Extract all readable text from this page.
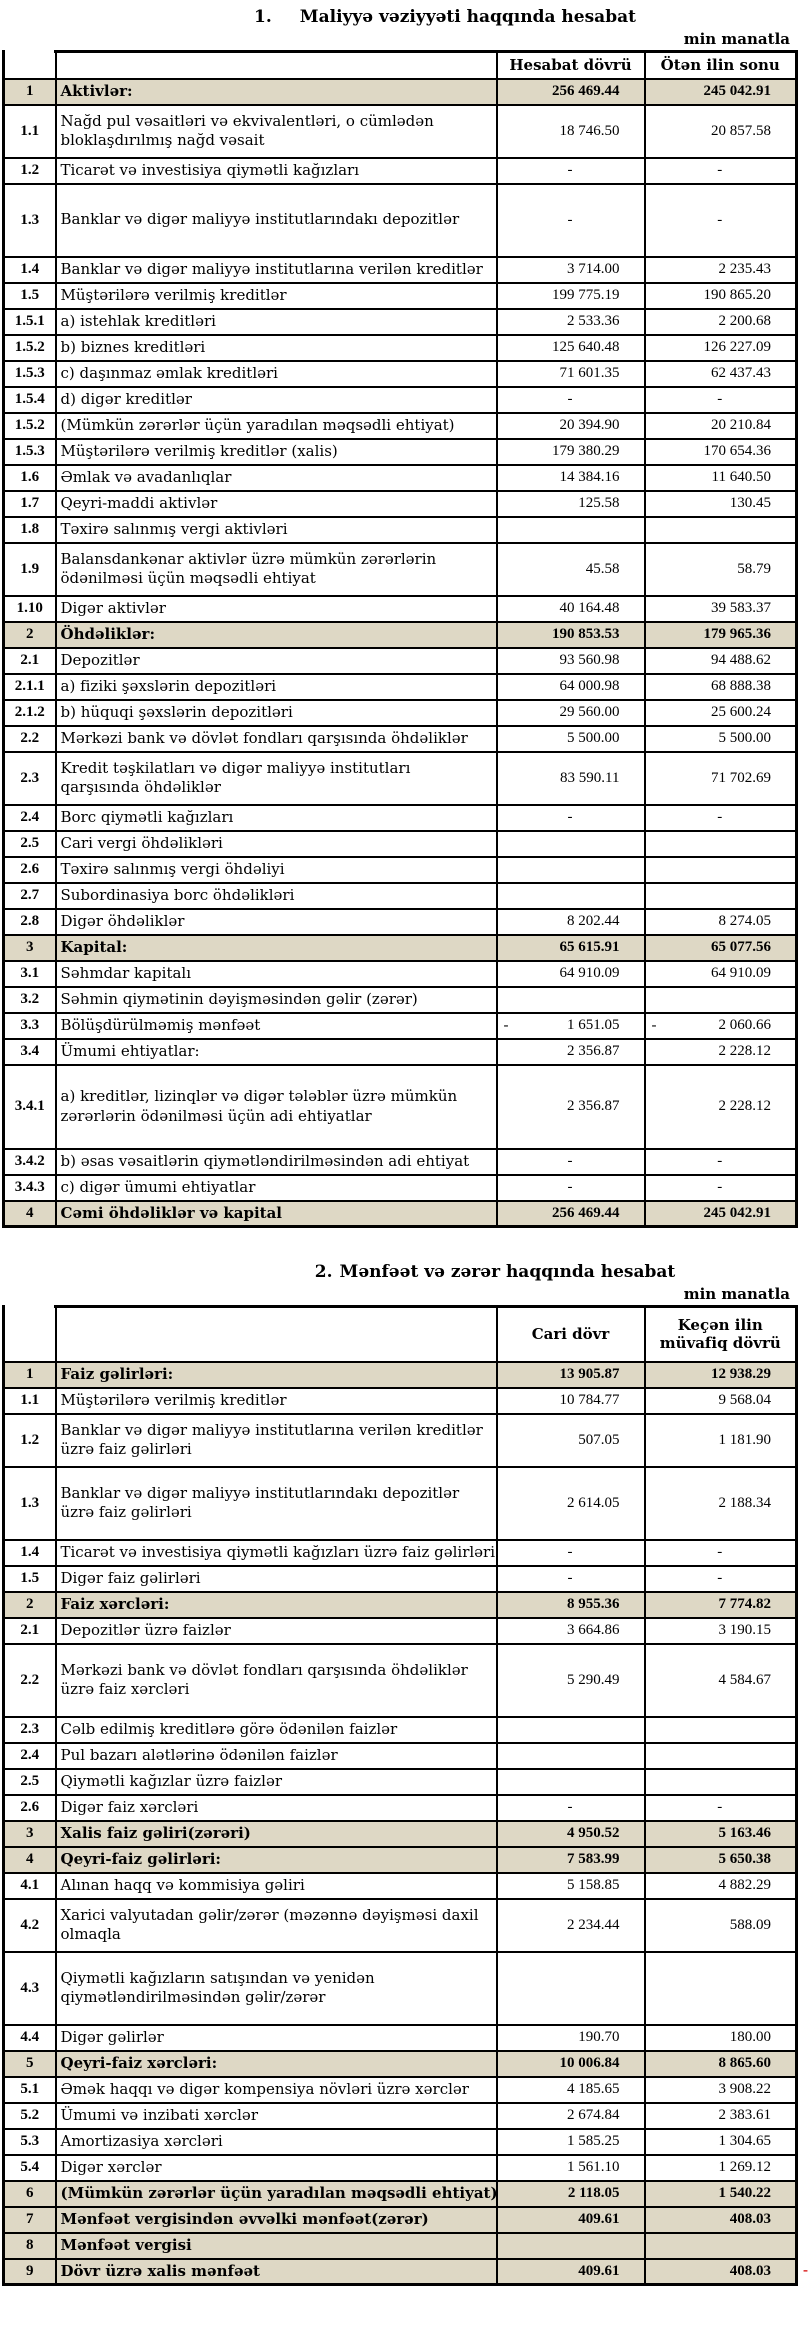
1. Maliyyə vəziyyəti haqqında hesabat
min manatla
		Hesabat dövrü	Ötən ilin sonu
1	Aktivlər:	256 469.44	245 042.91
1.1	Nağd pul vəsaitləri və ekvivalentləri, o cümlədən bloklaşdırılmış nağd vəsait	18 746.50	20 857.58
1.2	Ticarət və investisiya qiymətli kağızları	-	-
1.3	Banklar və digər maliyyə institutlarındakı depozitlər	-	-
1.4	Banklar və digər maliyyə institutlarına verilən kreditlər	3 714.00	2 235.43
1.5	Müştərilərə verilmiş kreditlər	199 775.19	190 865.20
1.5.1	a) istehlak kreditləri	2 533.36	2 200.68
1.5.2	b) biznes kreditləri	125 640.48	126 227.09
1.5.3	c) daşınmaz əmlak kreditləri	71 601.35	62 437.43
1.5.4	d) digər kreditlər	-	-
1.5.2	(Mümkün zərərlər üçün yaradılan məqsədli ehtiyat)	20 394.90	20 210.84
1.5.3	Müştərilərə verilmiş kreditlər (xalis)	179 380.29	170 654.36
1.6	Əmlak və avadanlıqlar	14 384.16	11 640.50
1.7	Qeyri-maddi aktivlər	125.58	130.45
1.8	Təxirə salınmış vergi aktivləri		
1.9	Balansdankənar aktivlər üzrə mümkün zərərlərin ödənilməsi üçün məqsədli ehtiyat	45.58	58.79
1.10	Digər aktivlər	40 164.48	39 583.37
2	Öhdəliklər:	190 853.53	179 965.36
2.1	Depozitlər	93 560.98	94 488.62
2.1.1	a) fiziki şəxslərin depozitləri	64 000.98	68 888.38
2.1.2	b) hüquqi şəxslərin depozitləri	29 560.00	25 600.24
2.2	Mərkəzi bank və dövlət fondları qarşısında öhdəliklər	5 500.00	5 500.00
2.3	Kredit təşkilatları və digər maliyyə institutları qarşısında öhdəliklər	83 590.11	71 702.69
2.4	Borc qiymətli kağızları	-	-
2.5	Cari vergi öhdəlikləri		
2.6	Təxirə salınmış vergi öhdəliyi		
2.7	Subordinasiya borc öhdəlikləri		
2.8	Digər öhdəliklər	8 202.44	8 274.05
3	Kapital:	65 615.91	65 077.56
3.1	Səhmdar kapitalı	64 910.09	64 910.09
3.2	Səhmin qiymətinin dəyişməsindən gəlir (zərər)		
3.3	Bölüşdürülməmiş mənfəət	- 1 651.05	- 2 060.66
3.4	Ümumi ehtiyatlar:	2 356.87	2 228.12
3.4.1	a) kreditlər, lizinqlər və digər tələblər üzrə mümkün zərərlərin ödənilməsi üçün adi ehtiyatlar	2 356.87	2 228.12
3.4.2	b) əsas vəsaitlərin qiymətləndirilməsindən adi ehtiyat	-	-
3.4.3	c) digər ümumi ehtiyatlar	-	-
4	Cəmi öhdəliklər və kapital	256 469.44	245 042.91
2. Mənfəət və zərər haqqında hesabat
min manatla
		Cari dövr	Keçən ilin müvafiq dövrü
1	Faiz gəlirləri:	13 905.87	12 938.29
1.1	Müştərilərə verilmiş kreditlər	10 784.77	9 568.04
1.2	Banklar və digər maliyyə institutlarına verilən kreditlər üzrə faiz gəlirləri	507.05	1 181.90
1.3	Banklar və digər maliyyə institutlarındakı depozitlər üzrə faiz gəlirləri	2 614.05	2 188.34
1.4	Ticarət və investisiya qiymətli kağızları üzrə faiz gəlirləri	-	-
1.5	Digər faiz gəlirləri	-	-
2	Faiz xərcləri:	8 955.36	7 774.82
2.1	Depozitlər üzrə faizlər	3 664.86	3 190.15
2.2	Mərkəzi bank və dövlət fondları qarşısında öhdəliklər üzrə faiz xərcləri	5 290.49	4 584.67
2.3	Cəlb edilmiş kreditlərə görə ödənilən faizlər		
2.4	Pul bazarı alətlərinə ödənilən faizlər		
2.5	Qiymətli kağızlar üzrə faizlər		
2.6	Digər faiz xərcləri	-	-
3	Xalis faiz gəliri(zərəri)	4 950.52	5 163.46
4	Qeyri-faiz gəlirləri:	7 583.99	5 650.38
4.1	Alınan haqq və kommisiya gəliri	5 158.85	4 882.29
4.2	Xarici valyutadan gəlir/zərər (məzənnə dəyişməsi daxil olmaqla	2 234.44	588.09
4.3	Qiymətli kağızların satışından və yenidən qiymətləndirilməsindən gəlir/zərər		
4.4	Digər gəlirlər	190.70	180.00
5	Qeyri-faiz xərcləri:	10 006.84	8 865.60
5.1	Əmək haqqı və digər kompensiya növləri üzrə xərclər	4 185.65	3 908.22
5.2	Ümumi və inzibati xərclər	2 674.84	2 383.61
5.3	Amortizasiya xərcləri	1 585.25	1 304.65
5.4	Digər xərclər	1 561.10	1 269.12
6	(Mümkün zərərlər üçün yaradılan məqsədli ehtiyat)	2 118.05	1 540.22
7	Mənfəət vergisindən əvvəlki mənfəət(zərər)	409.61	408.03
8	Mənfəət vergisi		
9	Dövr üzrə xalis mənfəət	409.61	408.03 -
